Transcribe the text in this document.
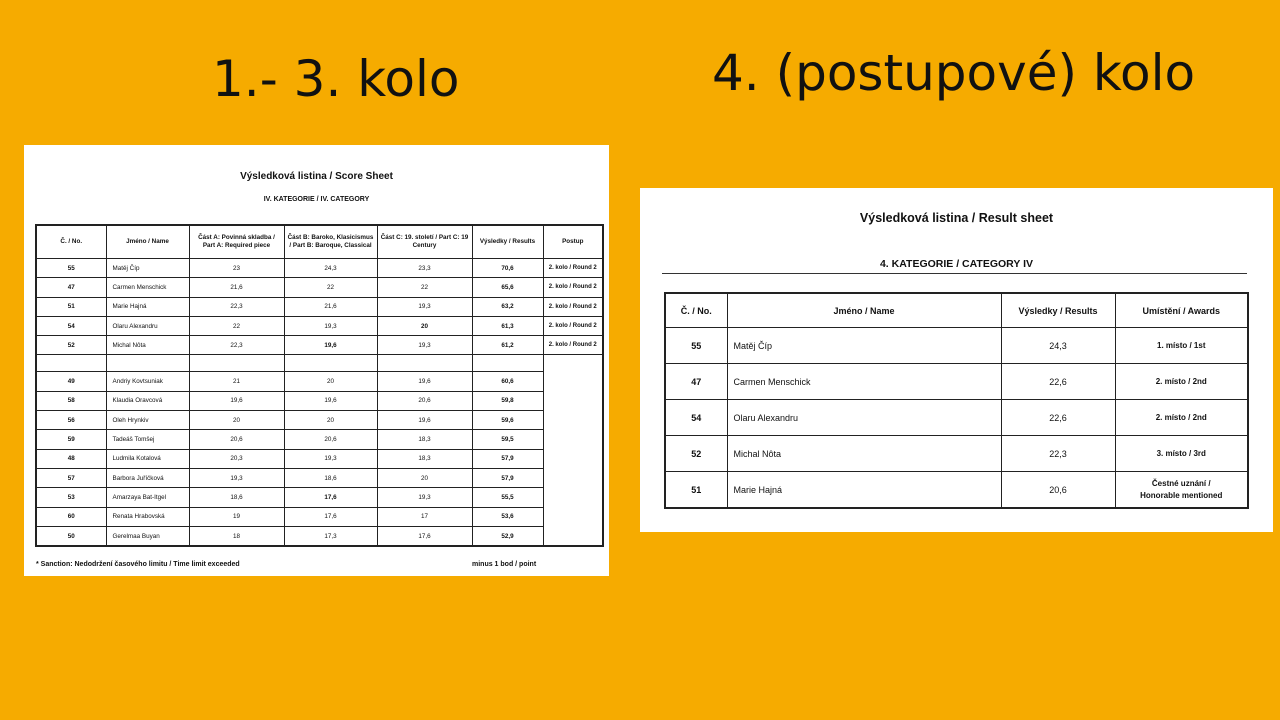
1.- 3. kolo	4. (postupové) kolo
Výsledková listina / Score Sheet
IV. KATEGORIE / IV. CATEGORY
Č. / No.	Jméno / Name	Část A: Povinná skladba / Part A: Required piece	Část B: Baroko, Klasicismus / Part B: Baroque, Classical	Část C: 19. století / Part C: 19 Century	Výsledky / Results	Postup
55	Matěj Číp	23	24,3	23,3	70,6	2. kolo / Round 2
47	Carmen Menschick	21,6	22	22	65,6	2. kolo / Round 2
51	Marie Hajná	22,3	21,6	19,3	63,2	2. kolo / Round 2
54	Olaru Alexandru	22	19,3	20	61,3	2. kolo / Round 2
52	Michal Nôta	22,3	19,6	19,3	61,2	2. kolo / Round 2

49	Andriy Kovtsuniak	21	20	19,6	60,6	
58	Klaudia Oravcová	19,6	19,6	20,6	59,8	
56	Oleh Hrynkiv	20	20	19,6	59,6	
59	Tadeáš Tomšej	20,6	20,6	18,3	59,5	
48	Ludmila Kotalová	20,3	19,3	18,3	57,9	
57	Barbora Juříčková	19,3	18,6	20	57,9	
53	Amarzaya Bat-Itgel	18,6	17,6	19,3	55,5	
60	Renata Hrabovská	19	17,6	17	53,6	
50	Gerelmaa Buyan	18	17,3	17,6	52,9	
* Sanction: Nedodržení časového limitu / Time limit exceeded	minus 1 bod / point
Výsledková listina / Result sheet
4. KATEGORIE / CATEGORY IV
Č. / No.	Jméno / Name	Výsledky / Results	Umístění / Awards
55	Matěj Číp	24,3	1. místo / 1st
47	Carmen Menschick	22,6	2. místo / 2nd
54	Olaru Alexandru	22,6	2. místo / 2nd
52	Michal Nôta	22,3	3. místo / 3rd
51	Marie Hajná	20,6	Čestné uznání /
Honorable mentioned
